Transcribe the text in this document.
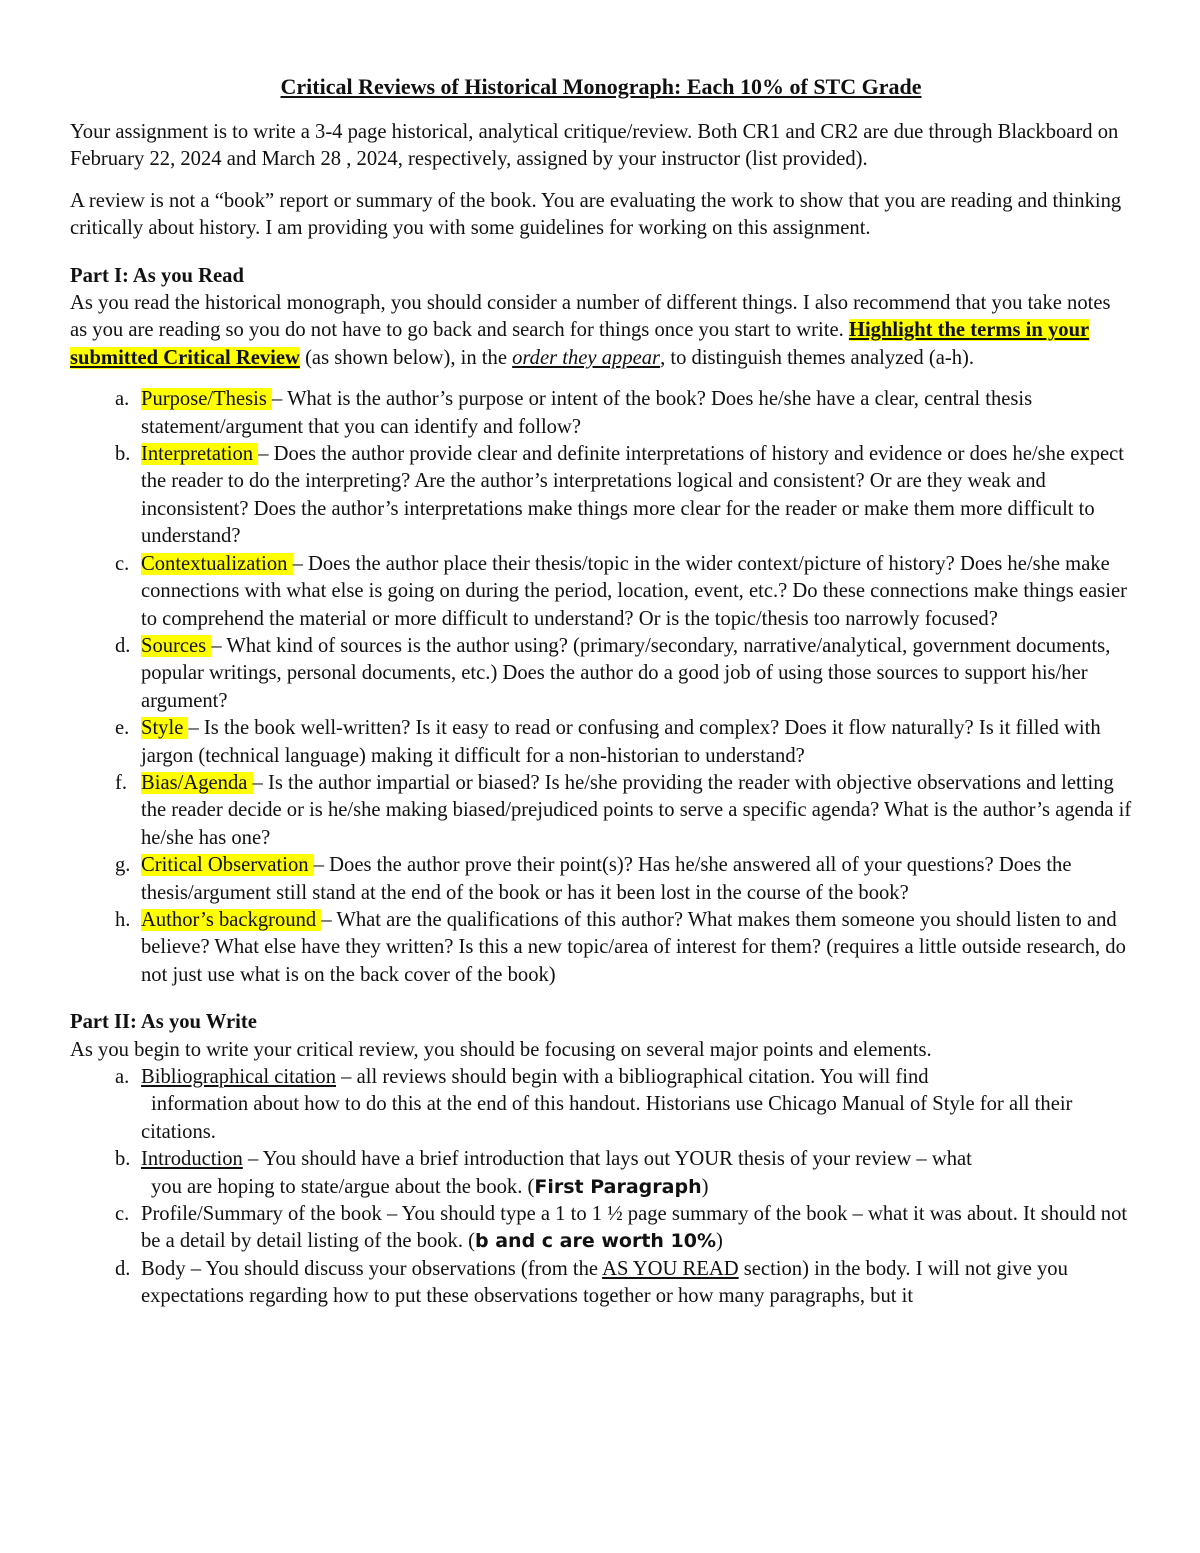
Critical Reviews of Historical Monograph: Each 10% of STC Grade

Your assignment is to write a 3-4 page historical, analytical critique/review. Both CR1 and CR2 are due through Blackboard on February 22, 2024 and March 28 , 2024, respectively, assigned by your instructor (list provided).

A review is not a “book” report or summary of the book. You are evaluating the work to show that you are reading and thinking critically about history. I am providing you with some guidelines for working on this assignment.

Part I: As you Read
As you read the historical monograph, you should consider a number of different things. I also recommend that you take notes as you are reading so you do not have to go back and search for things once you start to write. Highlight the terms in your submitted Critical Review (as shown below), in the order they appear, to distinguish themes analyzed (a-h).
a. Purpose/Thesis – What is the author’s purpose or intent of the book? Does he/she have a clear, central thesis statement/argument that you can identify and follow?
b. Interpretation – Does the author provide clear and definite interpretations of history and evidence or does he/she expect the reader to do the interpreting? Are the author’s interpretations logical and consistent? Or are they weak and inconsistent? Does the author’s interpretations make things more clear for the reader or make them more difficult to understand?
c. Contextualization – Does the author place their thesis/topic in the wider context/picture of history? Does he/she make connections with what else is going on during the period, location, event, etc.? Do these connections make things easier to comprehend the material or more difficult to understand? Or is the topic/thesis too narrowly focused?
d. Sources – What kind of sources is the author using? (primary/secondary, narrative/analytical, government documents, popular writings, personal documents, etc.) Does the author do a good job of using those sources to support his/her argument?
e. Style – Is the book well-written? Is it easy to read or confusing and complex? Does it flow naturally? Is it filled with jargon (technical language) making it difficult for a non-historian to understand?
f. Bias/Agenda – Is the author impartial or biased? Is he/she providing the reader with objective observations and letting the reader decide or is he/she making biased/prejudiced points to serve a specific agenda? What is the author’s agenda if he/she has one?
g. Critical Observation – Does the author prove their point(s)? Has he/she answered all of your questions? Does the thesis/argument still stand at the end of the book or has it been lost in the course of the book?
h. Author’s background – What are the qualifications of this author? What makes them someone you should listen to and believe? What else have they written? Is this a new topic/area of interest for them? (requires a little outside research, do not just use what is on the back cover of the book)
Part II: As you Write
As you begin to write your critical review, you should be focusing on several major points and elements.
a. Bibliographical citation – all reviews should begin with a bibliographical citation. You will find
information about how to do this at the end of this handout. Historians use Chicago Manual of Style for all their citations.
b. Introduction – You should have a brief introduction that lays out YOUR thesis of your review – what
you are hoping to state/argue about the book. (First Paragraph)
c. Profile/Summary of the book – You should type a 1 to 1 ½ page summary of the book – what it was about. It should not be a detail by detail listing of the book. (b and c are worth 10%)
d. Body – You should discuss your observations (from the AS YOU READ section) in the body. I will not give you expectations regarding how to put these observations together or how many paragraphs, but it
